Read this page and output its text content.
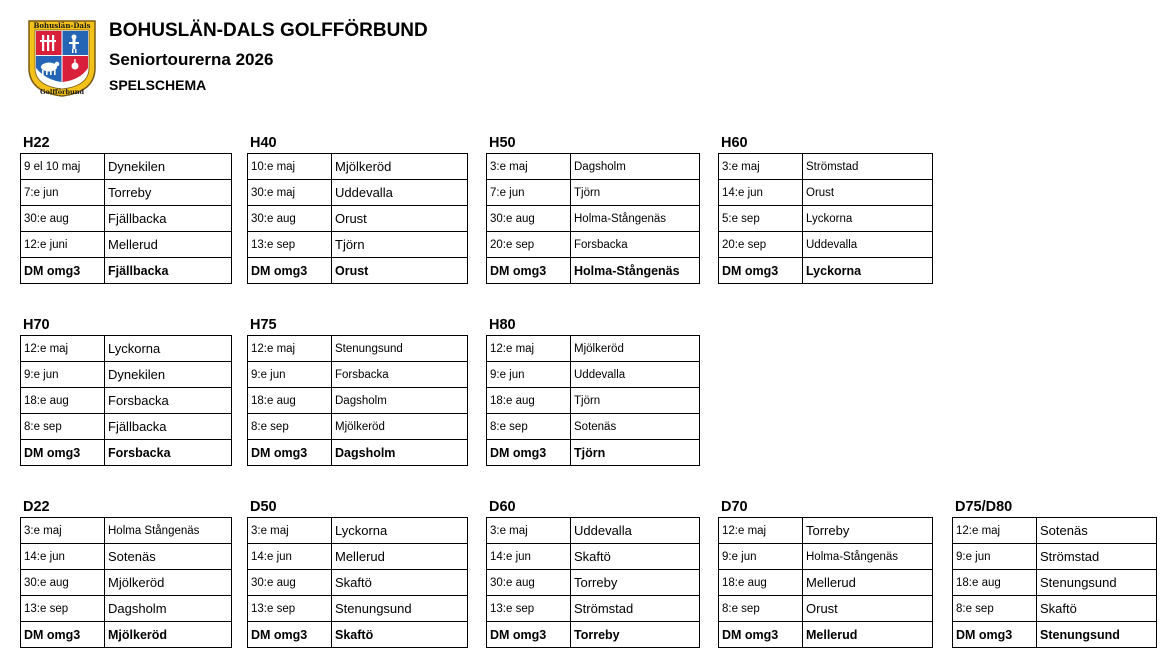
Bohuslän-Dals
Golfförbund
BOHUSLÄN-DALS GOLFFÖRBUND
Seniortourerna 2026
SPELSCHEMA
H22
9 el 10 maj	Dynekilen
7:e jun	Torreby
30:e aug	Fjällbacka
12:e juni	Mellerud
DM omg3	Fjällbacka
H40
10:e maj	Mjölkeröd
30:e maj	Uddevalla
30:e aug	Orust
13:e sep	Tjörn
DM omg3	Orust
H50
3:e maj	Dagsholm
7:e jun	Tjörn
30:e aug	Holma-Stångenäs
20:e sep	Forsbacka
DM omg3	Holma-Stångenäs
H60
3:e maj	Strömstad
14:e jun	Orust
5:e sep	Lyckorna
20:e sep	Uddevalla
DM omg3	Lyckorna
H70
12:e maj	Lyckorna
9:e jun	Dynekilen
18:e aug	Forsbacka
8:e sep	Fjällbacka
DM omg3	Forsbacka
H75
12:e maj	Stenungsund
9:e jun	Forsbacka
18:e aug	Dagsholm
8:e sep	Mjölkeröd
DM omg3	Dagsholm
H80
12:e maj	Mjölkeröd
9:e jun	Uddevalla
18:e aug	Tjörn
8:e sep	Sotenäs
DM omg3	Tjörn
D22
3:e maj	Holma Stångenäs
14:e jun	Sotenäs
30:e aug	Mjölkeröd
13:e sep	Dagsholm
DM omg3	Mjölkeröd
D50
3:e maj	Lyckorna
14:e jun	Mellerud
30:e aug	Skaftö
13:e sep	Stenungsund
DM omg3	Skaftö
D60
3:e maj	Uddevalla
14:e jun	Skaftö
30:e aug	Torreby
13:e sep	Strömstad
DM omg3	Torreby
D70
12:e maj	Torreby
9:e jun	Holma-Stångenäs
18:e aug	Mellerud
8:e sep	Orust
DM omg3	Mellerud
D75/D80
12:e maj	Sotenäs
9:e jun	Strömstad
18:e aug	Stenungsund
8:e sep	Skaftö
DM omg3	Stenungsund
